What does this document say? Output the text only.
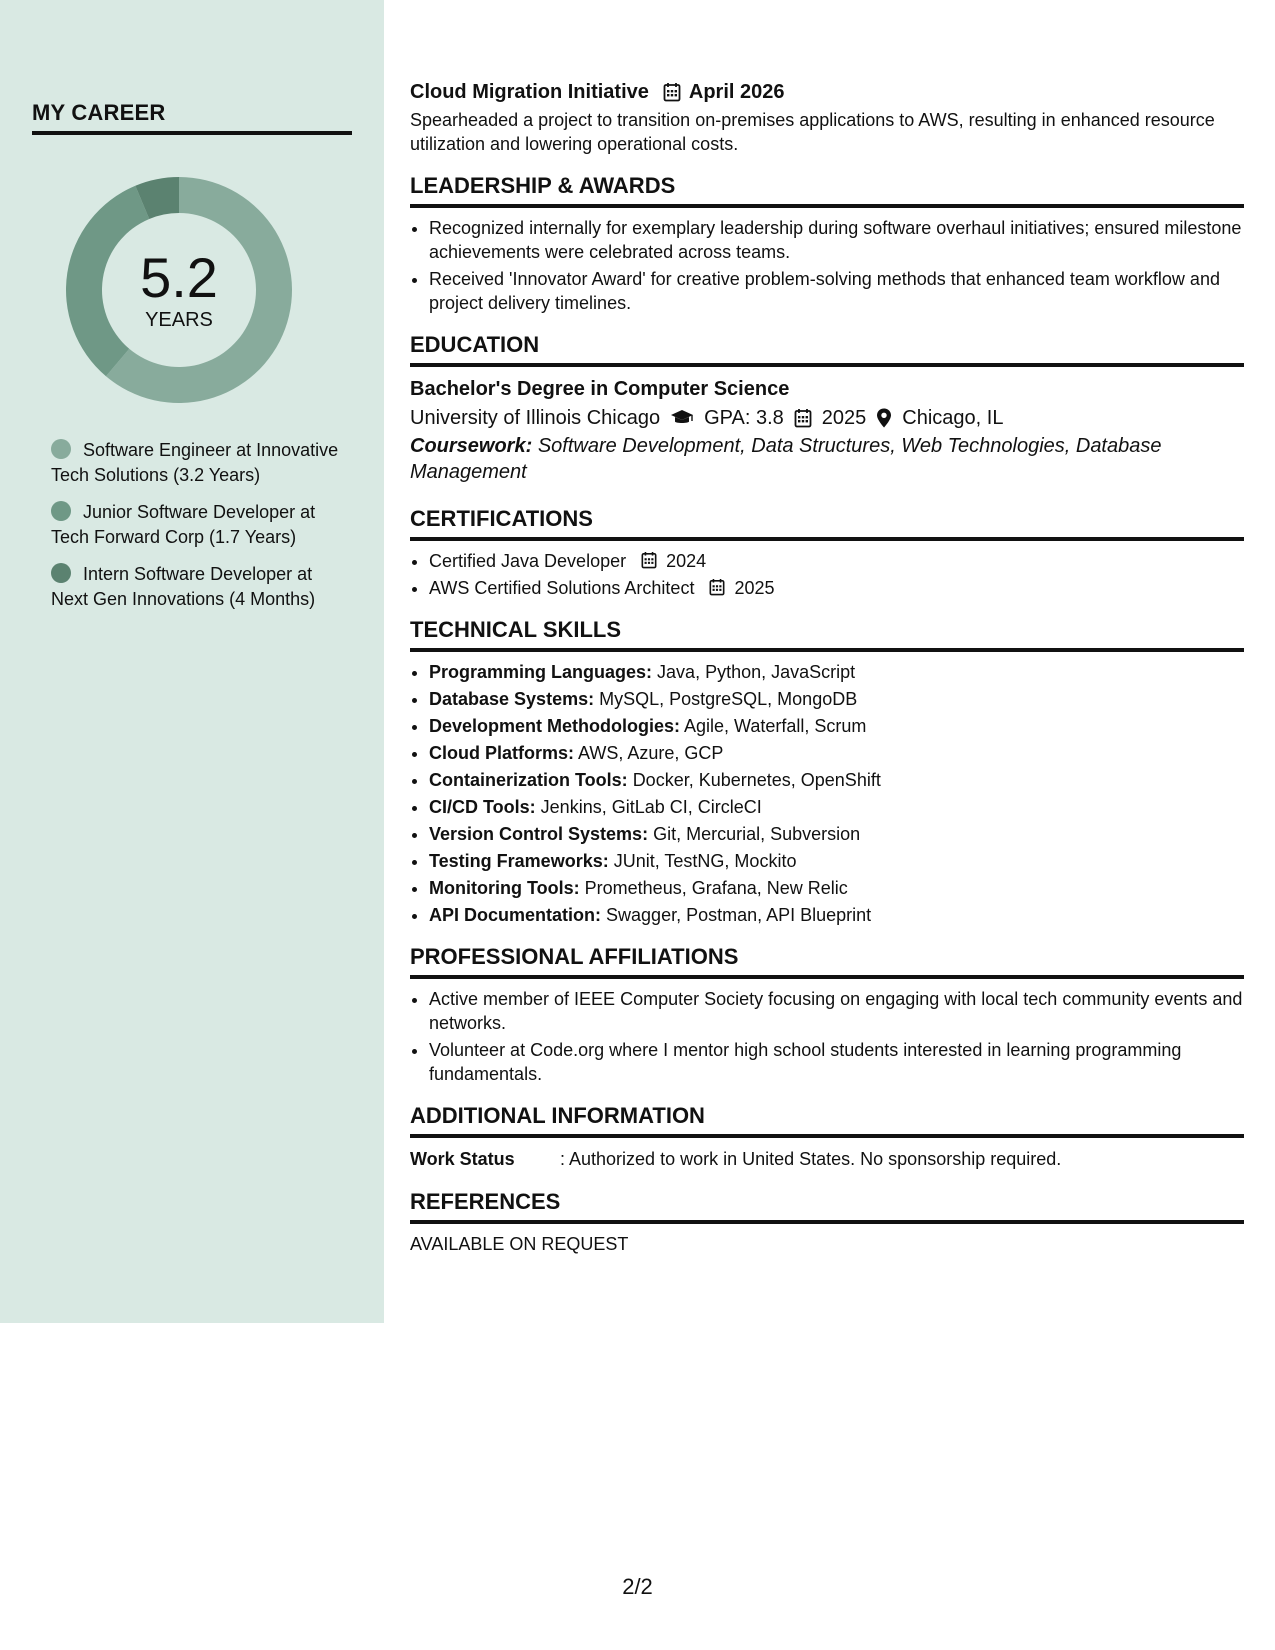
MY CAREER
5.2
YEARS
Software Engineer at Innovative Tech Solutions (3.2 Years)
Junior Software Developer at Tech Forward Corp (1.7 Years)
Intern Software Developer at Next Gen Innovations (4 Months)
Cloud Migration Initiative April 2026
Spearheaded a project to transition on-premises applications to AWS, resulting in enhanced resource utilization and lowering operational costs.
LEADERSHIP & AWARDS
• Recognized internally for exemplary leadership during software overhaul initiatives; ensured milestone achievements were celebrated across teams.
• Received 'Innovator Award' for creative problem-solving methods that enhanced team workflow and project delivery timelines.
EDUCATION
Bachelor's Degree in Computer Science
University of Illinois Chicago GPA: 3.8 2025 Chicago, IL
Coursework: Software Development, Data Structures, Web Technologies, Database Management
CERTIFICATIONS
• Certified Java Developer 2024
• AWS Certified Solutions Architect 2025
TECHNICAL SKILLS
• Programming Languages: Java, Python, JavaScript
• Database Systems: MySQL, PostgreSQL, MongoDB
• Development Methodologies: Agile, Waterfall, Scrum
• Cloud Platforms: AWS, Azure, GCP
• Containerization Tools: Docker, Kubernetes, OpenShift
• CI/CD Tools: Jenkins, GitLab CI, CircleCI
• Version Control Systems: Git, Mercurial, Subversion
• Testing Frameworks: JUnit, TestNG, Mockito
• Monitoring Tools: Prometheus, Grafana, New Relic
• API Documentation: Swagger, Postman, API Blueprint
PROFESSIONAL AFFILIATIONS
• Active member of IEEE Computer Society focusing on engaging with local tech community events and networks.
• Volunteer at Code.org where I mentor high school students interested in learning programming fundamentals.
ADDITIONAL INFORMATION
Work Status	: Authorized to work in United States. No sponsorship required.
REFERENCES
AVAILABLE ON REQUEST
2/2
